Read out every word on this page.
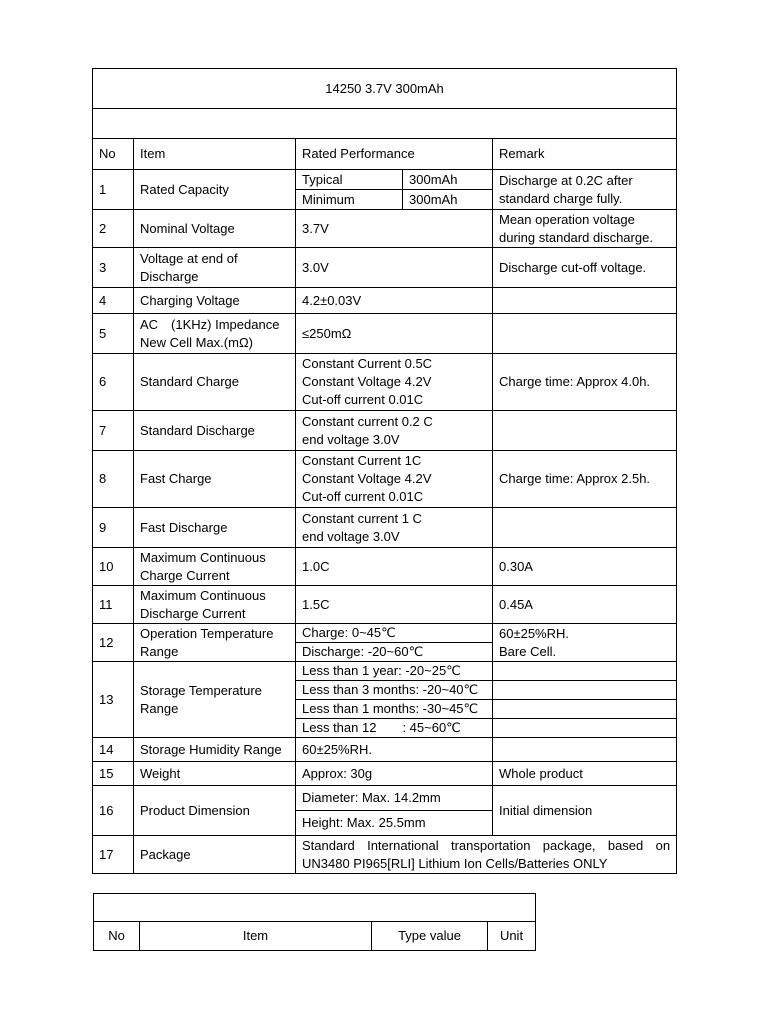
14250 3.7V 300mAh				

No	Item	Rated Performance		Remark
1	Rated Capacity	Typical	300mAh	Discharge at 0.2C after standard charge fully.
		Minimum	300mAh	
2	Nominal Voltage	3.7V		Mean operation voltage during standard discharge.
3	Voltage at end of Discharge	3.0V		Discharge cut-off voltage.
4	Charging Voltage	4.2±0.03V		
5	AC　(1KHz) Impedance
New Cell Max.(mΩ)	≤250mΩ		
6	Standard Charge	Constant Current 0.5C
Constant Voltage 4.2V
Cut-off current 0.01C		Charge time: Approx 4.0h.
7	Standard Discharge	Constant current 0.2 C
end voltage 3.0V		

8	Fast Charge	Constant Current 1C
Constant Voltage 4.2V
Cut-off current 0.01C		Charge time: Approx 2.5h.
9	Fast Discharge	Constant current 1 C
end voltage 3.0V		

10	Maximum Continuous
Charge Current	1.0C		0.30A
11	Maximum Continuous
Discharge Current	1.5C		0.45A
12	Operation Temperature
Range	Charge: 0~45℃		60±25%RH.
Bare Cell.

		Discharge: -20~60℃		
13	Storage Temperature
Range	Less than 1 year: -20~25℃		
		Less than 3 months: -20~40℃		
		Less than 1 months: -30~45℃		
		Less than 12　　: 45~60℃		
14	Storage Humidity Range	60±25%RH.		
15	Weight	Approx: 30g		Whole product
16	Product Dimension	Diameter: Max. 14.2mm		Initial dimension
		Height: Max. 25.5mm		
17	Package	Standard International transportation package, based on UN3480 PI965[RLI] Lithium Ion Cells/Batteries ONLY		

No	Item	Type value	Unit
